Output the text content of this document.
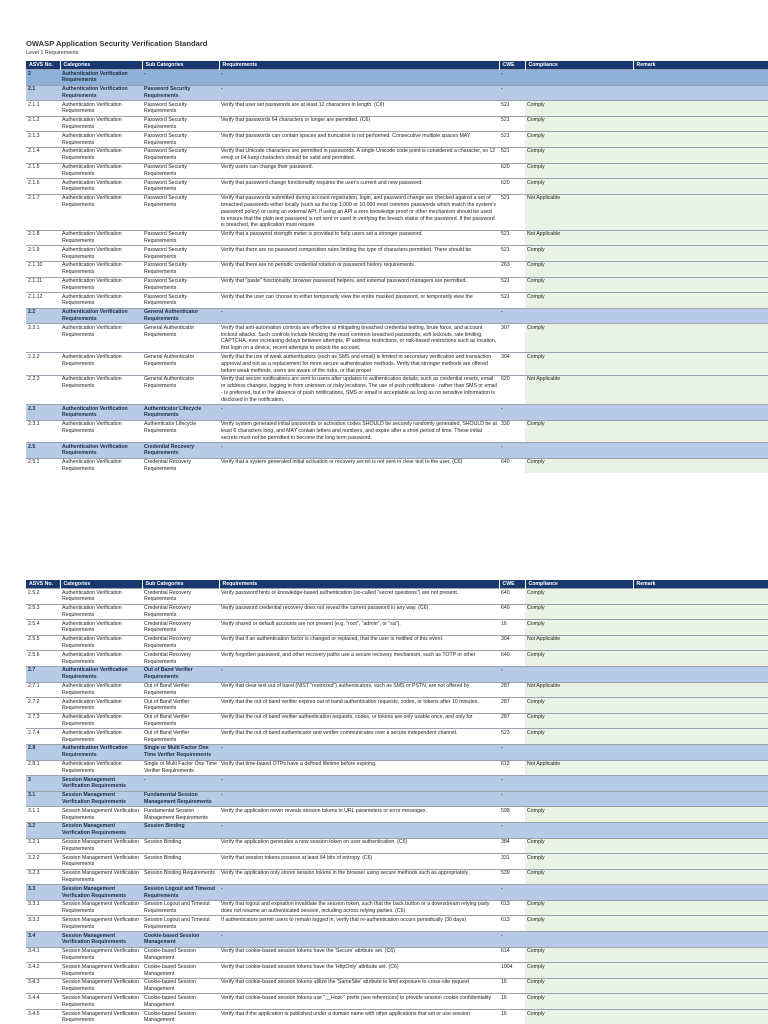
OWASP Application Security Verification Standard
Level 1 Requirements
ASVS No.	Categories	Sub Categories	Requirements	CWE	Compliance	Remark
2	Authentication Verification Requirements	-	-	-		
2.1	Authentication Verification Requirements	Password Security Requirements	-	-		
2.1.1	Authentication Verification Requirements	Password Security Requirements	Verify that user set passwords are at least 12 characters in length. (C6)	521	Comply	
2.1.2	Authentication Verification Requirements	Password Security Requirements	Verify that passwords 64 characters or longer are permitted. (C6)	521	Comply	
2.1.3	Authentication Verification Requirements	Password Security Requirements	Verify that passwords can contain spaces and truncation is not performed. Consecutive multiple spaces MAY	521	Comply	
2.1.4	Authentication Verification Requirements	Password Security Requirements	Verify that Unicode characters are permitted in passwords. A single Unicode code point is considered a character, so 12 emoji or 64 kanji characters should be valid and permitted.	521	Comply	
2.1.5	Authentication Verification Requirements	Password Security Requirements	Verify users can change their password.	620	Comply	
2.1.6	Authentication Verification Requirements	Password Security Requirements	Verify that password change functionality requires the user's current and new password.	620	Comply	
2.1.7	Authentication Verification Requirements	Password Security Requirements	Verify that passwords submitted during account registration, login, and password change are checked against a set of breached passwords either locally (such as the top 1,000 or 10,000 most common passwords which match the system's password policy) or using an external API. If using an API a zero knowledge proof or other mechanism should be used to ensure that the plain text password is not sent or used in verifying the breach status of the password. If the password is breached, the application must require	521	Not Applicable	
2.1.8	Authentication Verification Requirements	Password Security Requirements	Verify that a password strength meter is provided to help users set a stronger password.	521	Not Applicable	
2.1.9	Authentication Verification Requirements	Password Security Requirements	Verify that there are no password composition rules limiting the type of characters permitted. There should be	521	Comply	
2.1.10	Authentication Verification Requirements	Password Security Requirements	Verify that there are no periodic credential rotation or password history requirements.	263	Comply	
2.1.11	Authentication Verification Requirements	Password Security Requirements	Verify that "paste" functionality, browser password helpers, and external password managers are permitted.	521	Comply	
2.1.12	Authentication Verification Requirements	Password Security Requirements	Verify that the user can choose to either temporarily view the entire masked password, or temporarily view the	521	Comply	
2.2	Authentication Verification Requirements	General Authenticator Requirements	-	-		
2.2.1	Authentication Verification Requirements	General Authenticator Requirements	Verify that anti-automation controls are effective at mitigating breached credential testing, brute force, and account lockout attacks. Such controls include blocking the most common breached passwords, soft lockouts, rate limiting, CAPTCHA, ever increasing delays between attempts, IP address restrictions, or risk-based restrictions such as location, first login on a device, recent attempts to unlock the account,	307	Comply	
2.2.2	Authentication Verification Requirements	General Authenticator Requirements	Verify that the use of weak authenticators (such as SMS and email) is limited to secondary verification and transaction approval and not as a replacement for more secure authentication methods. Verify that stronger methods are offered before weak methods, users are aware of the risks, or that proper	304	Comply	
2.2.3	Authentication Verification Requirements	General Authenticator Requirements	Verify that secure notifications are sent to users after updates to authentication details, such as credential resets, email or address changes, logging in from unknown or risky locations. The use of push notifications - rather than SMS or email - is preferred, but in the absence of push notifications, SMS or email is acceptable as long as no sensitive information is disclosed in the notification.	620	Not Applicable	
2.3	Authentication Verification Requirements	Authenticator Lifecycle Requirements	-	-		
2.3.1	Authentication Verification Requirements	Authenticator Lifecycle Requirements	Verify system generated initial passwords or activation codes SHOULD be securely randomly generated, SHOULD be at least 6 characters long, and MAY contain letters and numbers, and expire after a short period of time. These initial secrets must not be permitted to become the long term password.	330	Comply	
2.5	Authentication Verification Requirements	Credential Recovery Requirements	-	-		
2.5.1	Authentication Verification Requirements	Credential Recovery Requirements	Verify that a system generated initial activation or recovery secret is not sent in clear text to the user. (C6)	640	Comply	
ASVS No.	Categories	Sub Categories	Requirements	CWE	Compliance	Remark
2.5.2	Authentication Verification Requirements	Credential Recovery Requirements	Verify password hints or knowledge-based authentication (so-called "secret questions") are not present.	640	Comply	
2.5.3	Authentication Verification Requirements	Credential Recovery Requirements	Verify password credential recovery does not reveal the current password in any way. (C6)	640	Comply	
2.5.4	Authentication Verification Requirements	Credential Recovery Requirements	Verify shared or default accounts are not present (e.g. "root", "admin", or "sa").	16	Comply	
2.5.5	Authentication Verification Requirements	Credential Recovery Requirements	Verify that if an authentication factor is changed or replaced, that the user is notified of this event.	304	Not Applicable	
2.5.6	Authentication Verification Requirements	Credential Recovery Requirements	Verify forgotten password, and other recovery paths use a secure recovery mechanism, such as TOTP or other	640	Comply	
2.7	Authentication Verification Requirements	Out of Band Verifier Requirements	-	-		
2.7.1	Authentication Verification Requirements	Out of Band Verifier Requirements	Verify that clear text out of band (NIST "restricted") authenticators, such as SMS or PSTN, are not offered by	287	Not Applicable	
2.7.2	Authentication Verification Requirements	Out of Band Verifier Requirements	Verify that the out of band verifier expires out of band authentication requests, codes, or tokens after 10 minutes.	287	Comply	
2.7.3	Authentication Verification Requirements	Out of Band Verifier Requirements	Verify that the out of band verifier authentication requests, codes, or tokens are only usable once, and only for	287	Comply	
2.7.4	Authentication Verification Requirements	Out of Band Verifier Requirements	Verify that the out of band authenticator and verifier communicates over a secure independent channel.	523	Comply	
2.8	Authentication Verification Requirements	Single or Multi Factor One Time Verifier Requirements	-	-		
2.8.1	Authentication Verification Requirements	Single or Multi Factor One Time Verifier Requirements	Verify that time-based OTPs have a defined lifetime before expiring.	613	Not Applicable	
3	Session Management Verification Requirements	-	-	-		
3.1	Session Management Verification Requirements	Fundamental Session Management Requirements	-	-		
3.1.1	Session Management Verification Requirements	Fundamental Session Management Requirements	Verify the application never reveals session tokens in URL parameters or error messages.	598	Comply	
3.2	Session Management Verification Requirements	Session Binding	-	-		
3.2.1	Session Management Verification Requirements	Session Binding	Verify the application generates a new session token on user authentication. (C6)	384	Comply	
3.2.2	Session Management Verification Requirements	Session Binding	Verify that session tokens possess at least 64 bits of entropy. (C6)	331	Comply	
3.2.3	Session Management Verification Requirements	Session Binding Requirements	Verify the application only stores session tokens in the browser using secure methods such as appropriately	539	Comply	
3.3	Session Management Verification Requirements	Session Logout and Timeout Requirements	-	-		
3.3.1	Session Management Verification Requirements	Session Logout and Timeout Requirements	Verify that logout and expiration invalidate the session token, such that the back button or a downstream relying party does not resume an authenticated session, including across relying parties. (C6)	613	Comply	
3.3.2	Session Management Verification Requirements	Session Logout and Timeout Requirements	If authenticators permit users to remain logged in, verify that re-authentication occurs periodically (30 days)	613	Comply	
3.4	Session Management Verification Requirements	Cookie-based Session Management	-	-		
3.4.1	Session Management Verification Requirements	Cookie-based Session Management	Verify that cookie-based session tokens have the 'Secure' attribute set. (C6)	614	Comply	
3.4.2	Session Management Verification Requirements	Cookie-based Session Management	Verify that cookie-based session tokens have the 'HttpOnly' attribute set. (C6)	1004	Comply	
3.4.3	Session Management Verification Requirements	Cookie-based Session Management	Verify that cookie-based session tokens utilize the 'SameSite' attribute to limit exposure to cross-site request	16	Comply	
3.4.4	Session Management Verification Requirements	Cookie-based Session Management	Verify that cookie-based session tokens use "__Host-" prefix (see references) to provide session cookie confidentiality.	16	Comply	
3.4.5	Session Management Verification Requirements	Cookie-based Session Management	Verify that if the application is published under a domain name with other applications that set or use session	16	Comply	
